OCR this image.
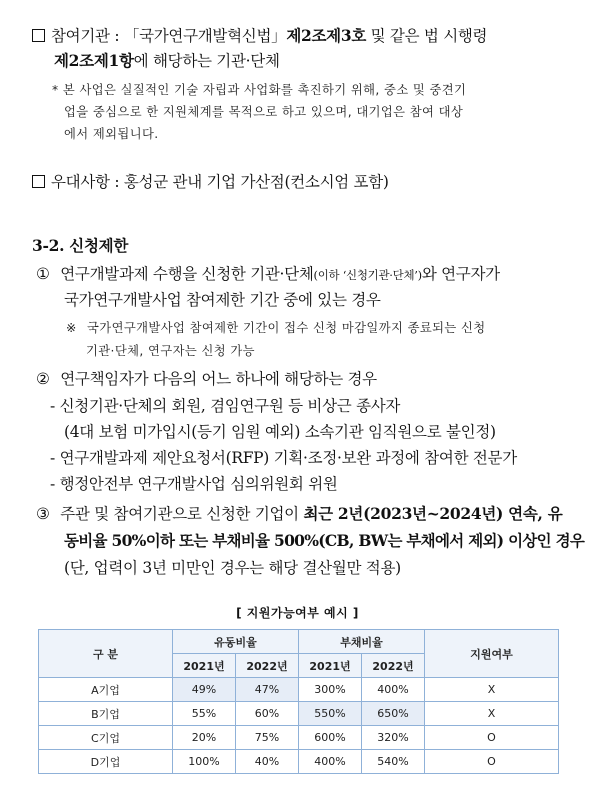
참여기관 : 「국가연구개발혁신법」제2조제3호 및 같은 법 시행령
제2조제1항에 해당하는 기관·단체
* 본 사업은 실질적인 기술 자립과 사업화를 촉진하기 위해, 중소 및 중견기
업을 중심으로 한 지원체계를 목적으로 하고 있으며, 대기업은 참여 대상
에서 제외됩니다.
우대사항 : 홍성군 관내 기업 가산점(컨소시엄 포함)
3-2. 신청제한
① 연구개발과제 수행을 신청한 기관·단체(이하 ‘신청기관·단체’)와 연구자가
국가연구개발사업 참여제한 기간 중에 있는 경우
※ 국가연구개발사업 참여제한 기간이 접수 신청 마감일까지 종료되는 신청
기관·단체, 연구자는 신청 가능
② 연구책임자가 다음의 어느 하나에 해당하는 경우
- 신청기관·단체의 회원, 겸임연구원 등 비상근 종사자
(4대 보험 미가입시(등기 임원 예외) 소속기관 임직원으로 불인정)
- 연구개발과제 제안요청서(RFP) 기획·조정·보완 과정에 참여한 전문가
- 행정안전부 연구개발사업 심의위원회 위원
③ 주관 및 참여기관으로 신청한 기업이 최근 2년(2023년~2024년) 연속, 유
동비율 50%이하 또는 부채비율 500%(CB, BW는 부채에서 제외) 이상인 경우
(단, 업력이 3년 미만인 경우는 해당 결산월만 적용)
[ 지원가능여부 예시 ]
구 분	유동비율		부채비율		지원여부
	2021년	2022년	2021년	2022년	
A기업	49%	47%	300%	400%	X
B기업	55%	60%	550%	650%	X
C기업	20%	75%	600%	320%	O
D기업	100%	40%	400%	540%	O
